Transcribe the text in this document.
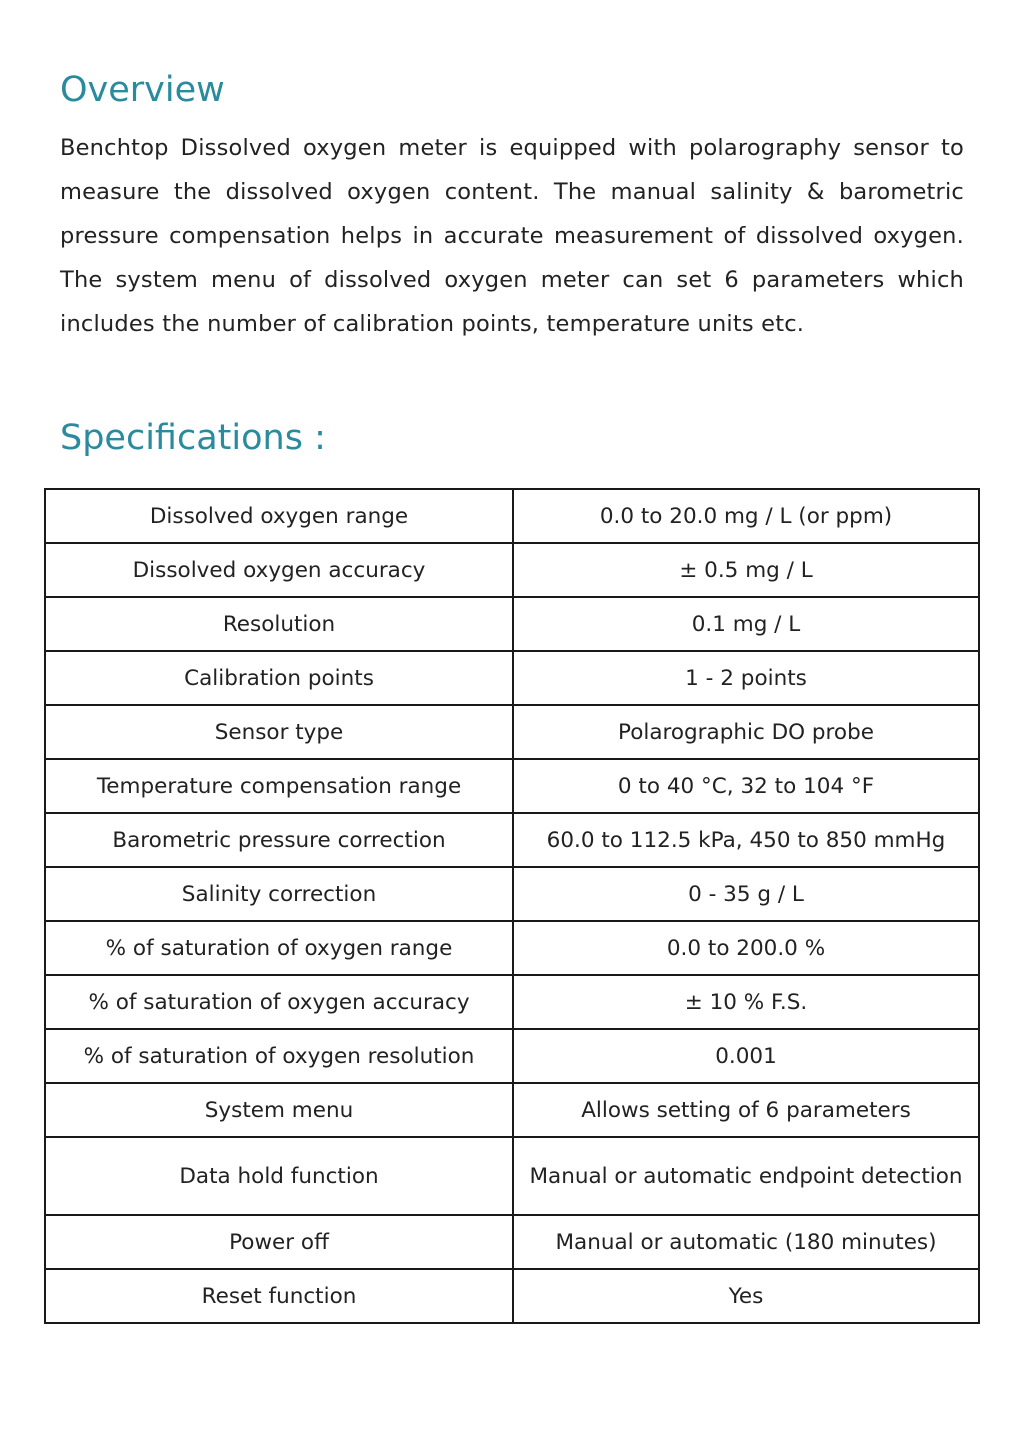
Overview

Benchtop Dissolved oxygen meter is equipped with polarography sensor to measure the dissolved oxygen content. The manual salinity & barometric pressure compensation helps in accurate measurement of dissolved oxygen. The system menu of dissolved oxygen meter can set 6 parameters which includes the number of calibration points, temperature units etc.

Specifications :
Dissolved oxygen range	0.0 to 20.0 mg / L (or ppm)
Dissolved oxygen accuracy	± 0.5 mg / L
Resolution	0.1 mg / L
Calibration points	1 - 2 points
Sensor type	Polarographic DO probe
Temperature compensation range	0 to 40 °C, 32 to 104 °F
Barometric pressure correction	60.0 to 112.5 kPa, 450 to 850 mmHg
Salinity correction	0 - 35 g / L
% of saturation of oxygen range	0.0 to 200.0 %
% of saturation of oxygen accuracy	± 10 % F.S.
% of saturation of oxygen resolution	0.001
System menu	Allows setting of 6 parameters
Data hold function	Manual or automatic endpoint detection
Power off	Manual or automatic (180 minutes)
Reset function	Yes
